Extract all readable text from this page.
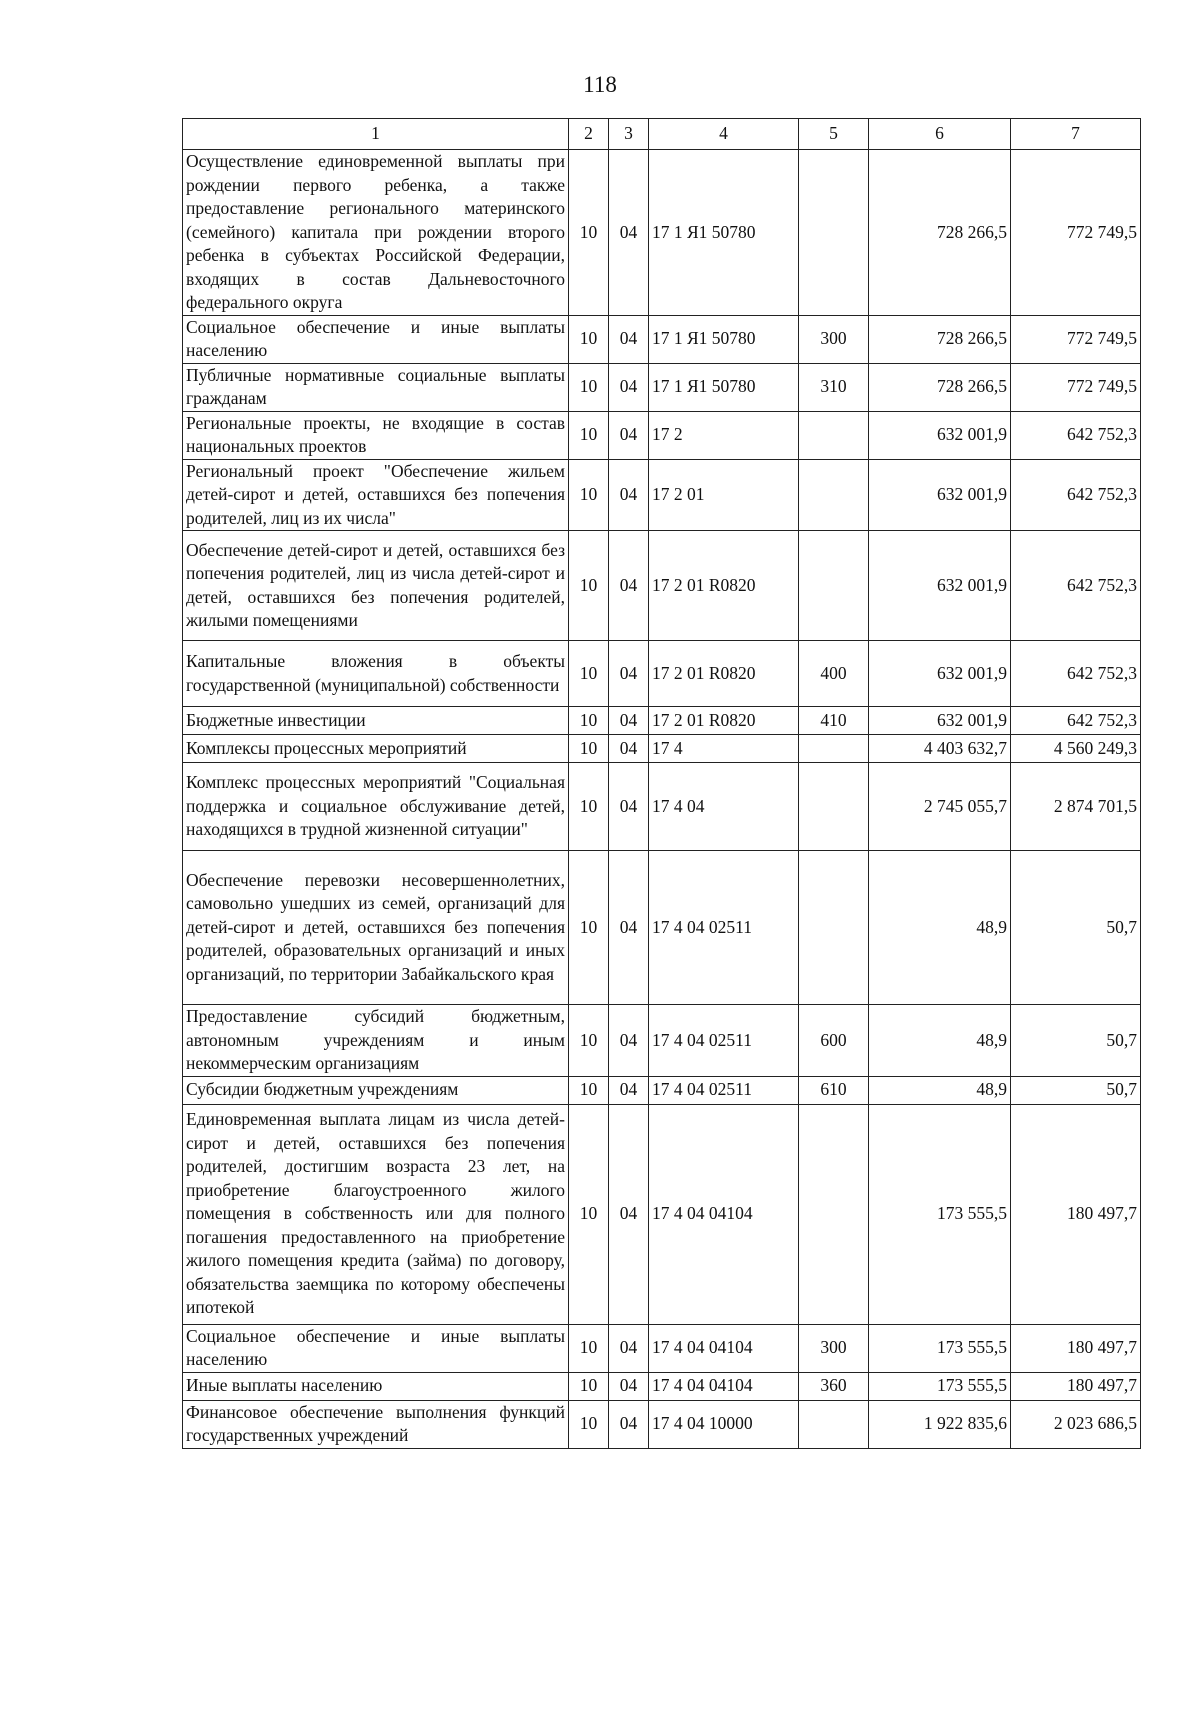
118
1	2	3	4	5	6	7
Осуществление единовременной выплаты при рождении первого ребенка, а также предоставление регионального материнского (семейного) капитала при рождении второго ребенка в субъектах Российской Федерации, входящих в состав Дальневосточного федерального округа	10	04	17 1 Я1 50780		728 266,5	772 749,5
Социальное обеспечение и иные выплаты населению	10	04	17 1 Я1 50780	300	728 266,5	772 749,5
Публичные нормативные социальные выплаты гражданам	10	04	17 1 Я1 50780	310	728 266,5	772 749,5
Региональные проекты, не входящие в состав национальных проектов	10	04	17 2		632 001,9	642 752,3
Региональный проект "Обеспечение жильем детей-сирот и детей, оставшихся без попечения родителей, лиц из их числа"	10	04	17 2 01		632 001,9	642 752,3
Обеспечение детей-сирот и детей, оставшихся без попечения родителей, лиц из числа детей-сирот и детей, оставшихся без попечения родителей, жилыми помещениями	10	04	17 2 01 R0820		632 001,9	642 752,3
Капитальные вложения в объекты государственной (муниципальной) собственности	10	04	17 2 01 R0820	400	632 001,9	642 752,3
Бюджетные инвестиции	10	04	17 2 01 R0820	410	632 001,9	642 752,3
Комплексы процессных мероприятий	10	04	17 4		4 403 632,7	4 560 249,3
Комплекс процессных мероприятий "Социальная поддержка и социальное обслуживание детей, находящихся в трудной жизненной ситуации"	10	04	17 4 04		2 745 055,7	2 874 701,5
Обеспечение перевозки несовершеннолетних, самовольно ушедших из семей, организаций для детей-сирот и детей, оставшихся без попечения родителей, образовательных организаций и иных организаций, по территории Забайкальского края	10	04	17 4 04 02511		48,9	50,7
Предоставление субсидий бюджетным, автономным учреждениям и иным некоммерческим организациям	10	04	17 4 04 02511	600	48,9	50,7
Субсидии бюджетным учреждениям	10	04	17 4 04 02511	610	48,9	50,7
Единовременная выплата лицам из числа детей-сирот и детей, оставшихся без попечения родителей, достигшим возраста 23 лет, на приобретение благоустроенного жилого помещения в собственность или для полного погашения предоставленного на приобретение жилого помещения кредита (займа) по договору, обязательства заемщика по которому обеспечены ипотекой	10	04	17 4 04 04104		173 555,5	180 497,7
Социальное обеспечение и иные выплаты населению	10	04	17 4 04 04104	300	173 555,5	180 497,7
Иные выплаты населению	10	04	17 4 04 04104	360	173 555,5	180 497,7
Финансовое обеспечение выполнения функций государственных учреждений	10	04	17 4 04 10000		1 922 835,6	2 023 686,5
